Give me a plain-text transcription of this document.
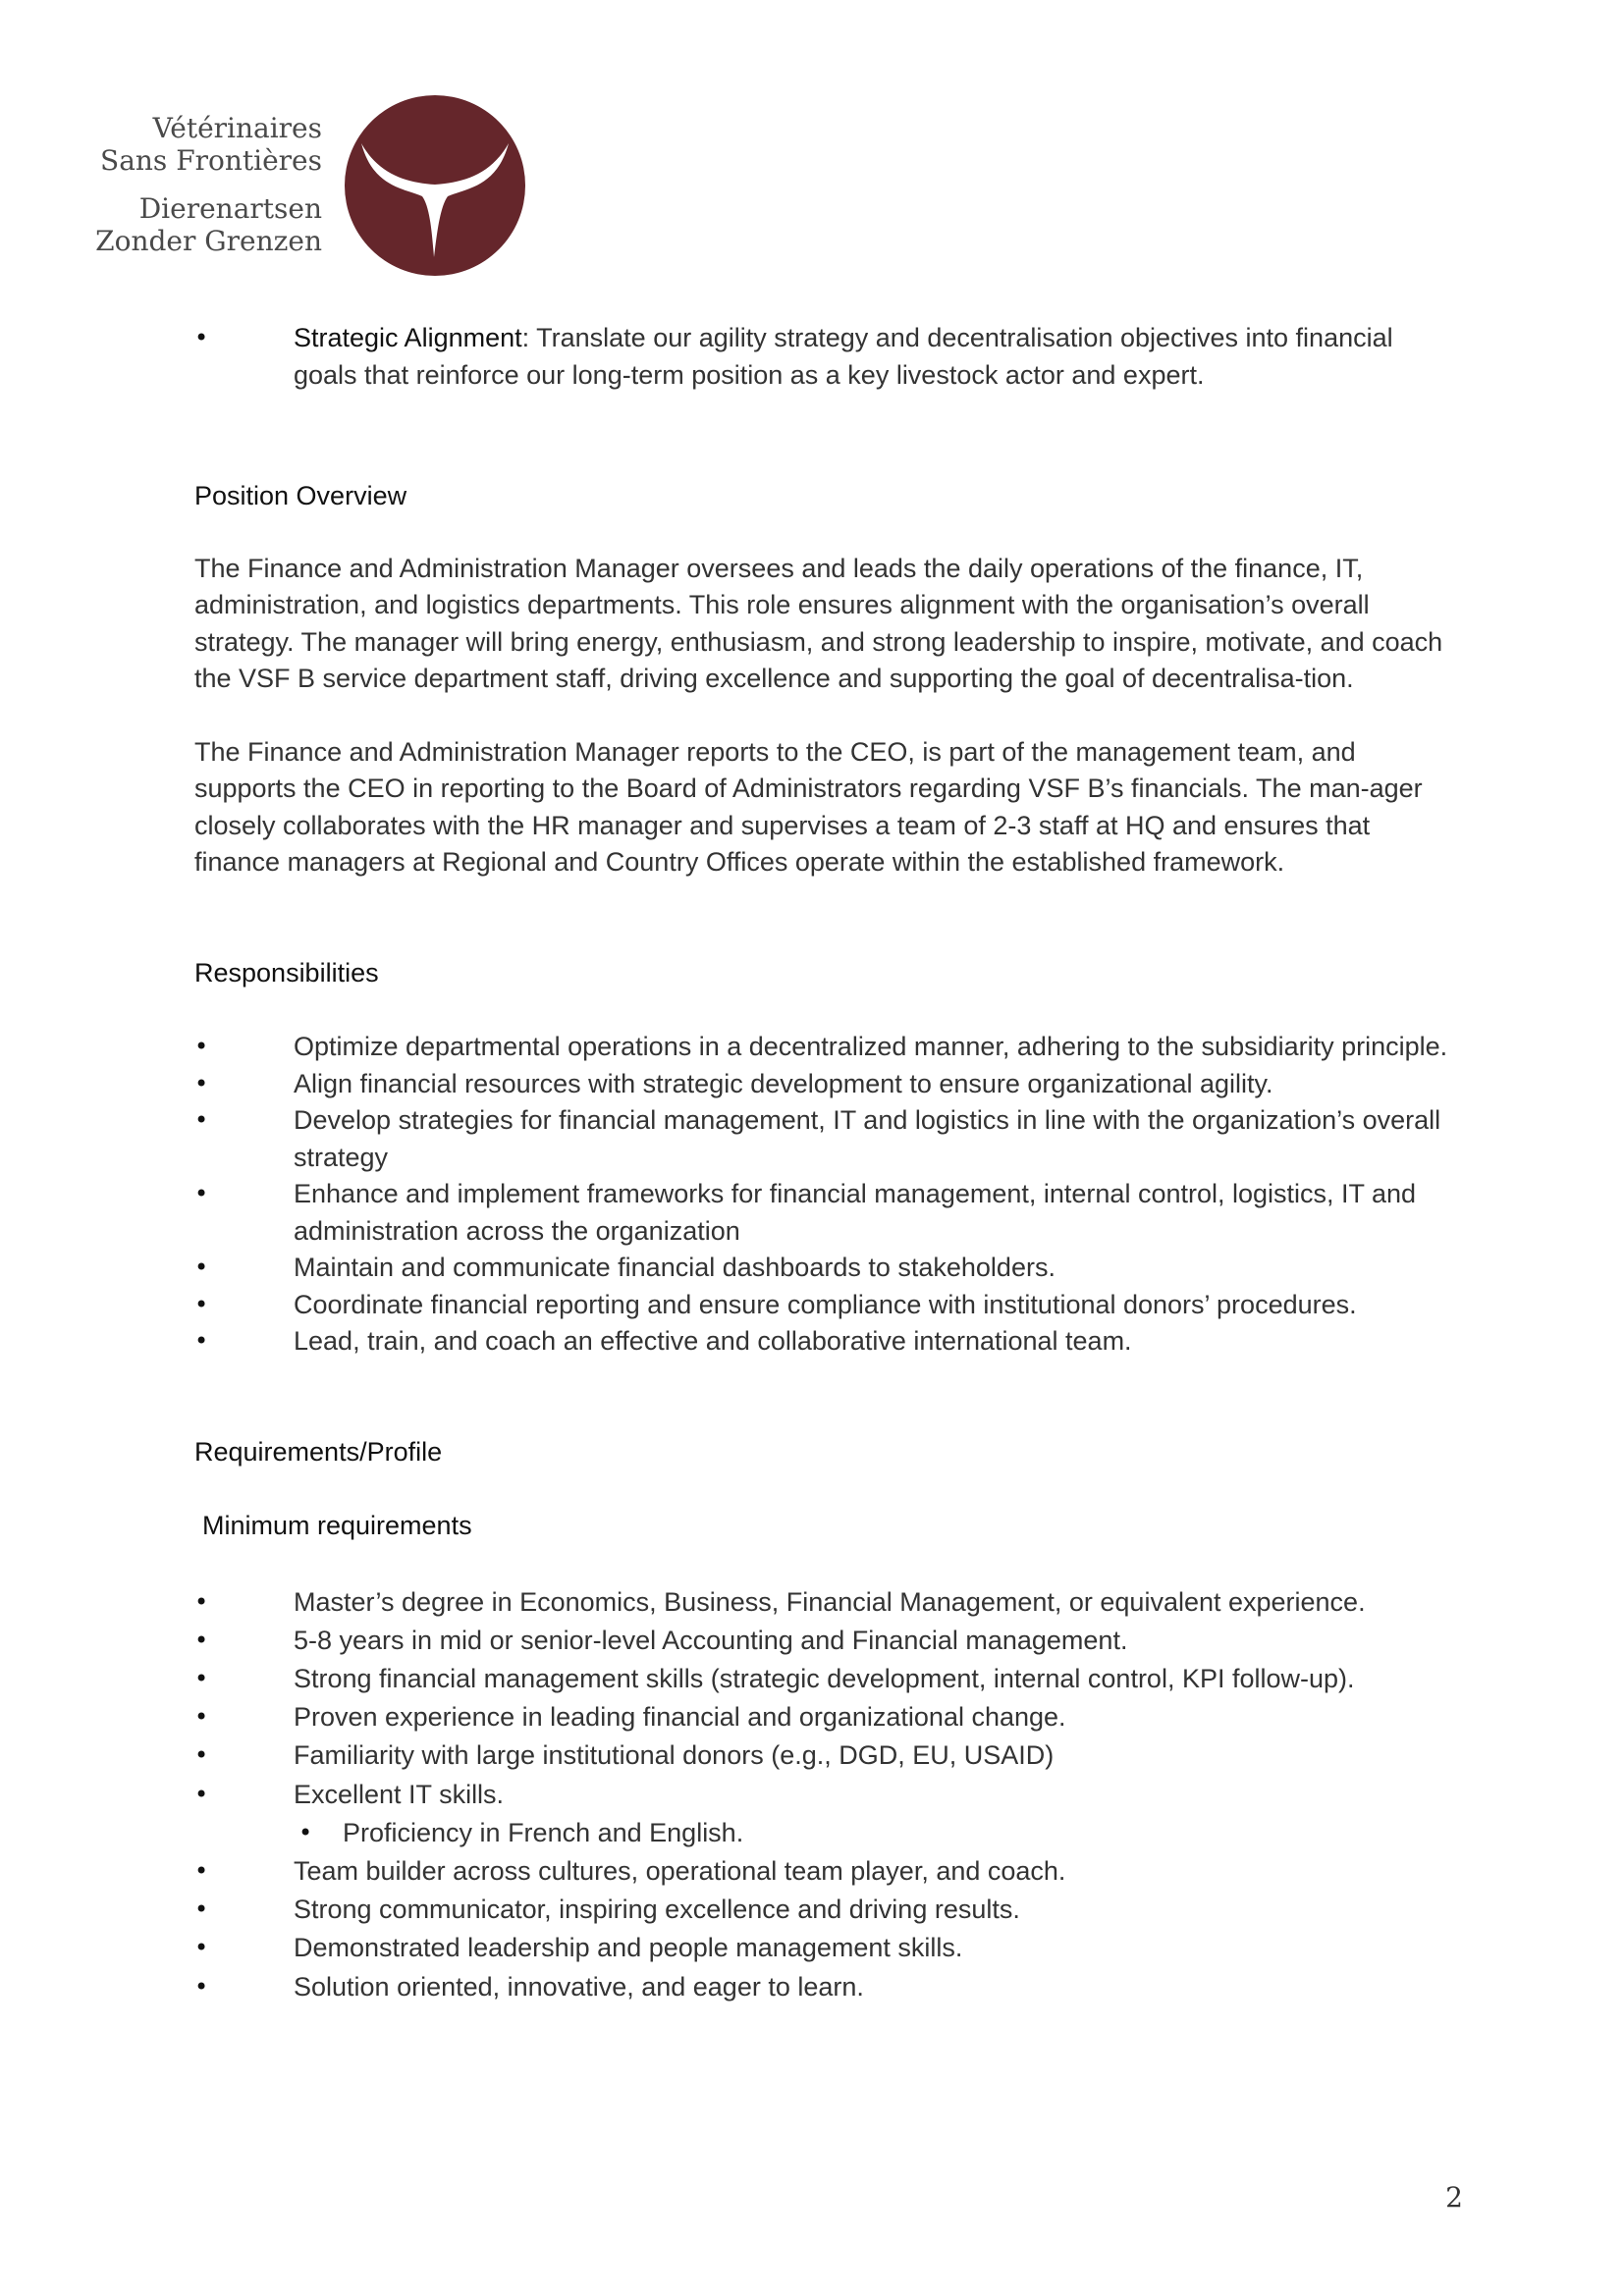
Vétérinaires
Sans Frontières
Dierenartsen
Zonder Grenzen
• Strategic Alignment: Translate our agility strategy and decentralisation objectives into financial goals that reinforce our long-term position as a key livestock actor and expert.
Position Overview

The Finance and Administration Manager oversees and leads the daily operations of the finance, IT, administration, and logistics departments. This role ensures alignment with the organisation’s overall strategy. The manager will bring energy, enthusiasm, and strong leadership to inspire, motivate, and coach the VSF B service department staff, driving excellence and supporting the goal of decentralisa-tion.

The Finance and Administration Manager reports to the CEO, is part of the management team, and supports the CEO in reporting to the Board of Administrators regarding VSF B’s financials. The man-ager closely collaborates with the HR manager and supervises a team of 2-3 staff at HQ and ensures that finance managers at Regional and Country Offices operate within the established framework.

Responsibilities
• Optimize departmental operations in a decentralized manner, adhering to the subsidiarity principle.
• Align financial resources with strategic development to ensure organizational agility.
• Develop strategies for financial management, IT and logistics in line with the organization’s overall strategy
• Enhance and implement frameworks for financial management, internal control, logistics, IT and administration across the organization
• Maintain and communicate financial dashboards to stakeholders.
• Coordinate financial reporting and ensure compliance with institutional donors’ procedures.
• Lead, train, and coach an effective and collaborative international team.
Requirements/Profile
Minimum requirements
• Master’s degree in Economics, Business, Financial Management, or equivalent experience.
• 5-8 years in mid or senior-level Accounting and Financial management.
• Strong financial management skills (strategic development, internal control, KPI follow-up).
• Proven experience in leading financial and organizational change.
• Familiarity with large institutional donors (e.g., DGD, EU, USAID)
• Excellent IT skills.
• Proficiency in French and English.
• Team builder across cultures, operational team player, and coach.
• Strong communicator, inspiring excellence and driving results.
• Demonstrated leadership and people management skills.
• Solution oriented, innovative, and eager to learn.
2
